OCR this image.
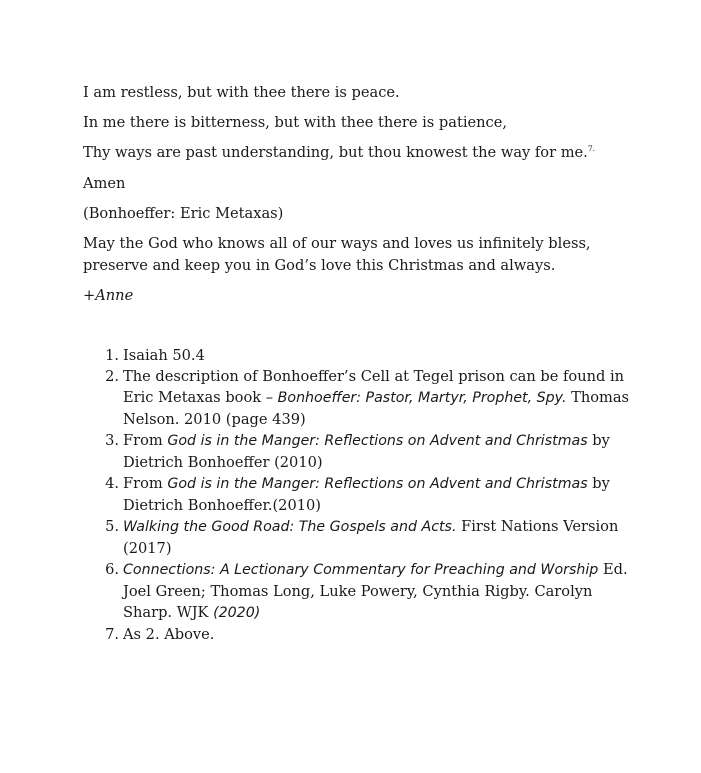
I am restless, but with thee there is peace.

In me there is bitterness, but with thee there is patience,

Thy ways are past understanding, but thou knowest the way for me.$^{7.}$

Amen

(Bonhoeffer: Eric Metaxas)

May the God who knows all of our ways and loves us infinitely bless,

preserve and keep you in God’s love this Christmas and always.

+Anne

1. Isaiah 50.4
2. The description of Bonhoeffer’s Cell at Tegel prison can be found in Eric Metaxas book – Bonhoeffer: Pastor, Martyr, Prophet, Spy. Thomas Nelson. 2010 (page 439)
3. From God is in the Manger: Reflections on Advent and Christmas by Dietrich Bonhoeffer (2010)
4. From God is in the Manger: Reflections on Advent and Christmas by Dietrich Bonhoeffer.(2010)
5. Walking the Good Road: The Gospels and Acts. First Nations Version (2017)
6. Connections: A Lectionary Commentary for Preaching and Worship Ed. Joel Green; Thomas Long, Luke Powery, Cynthia Rigby. Carolyn Sharp. WJK (2020)
7. As 2. Above.
